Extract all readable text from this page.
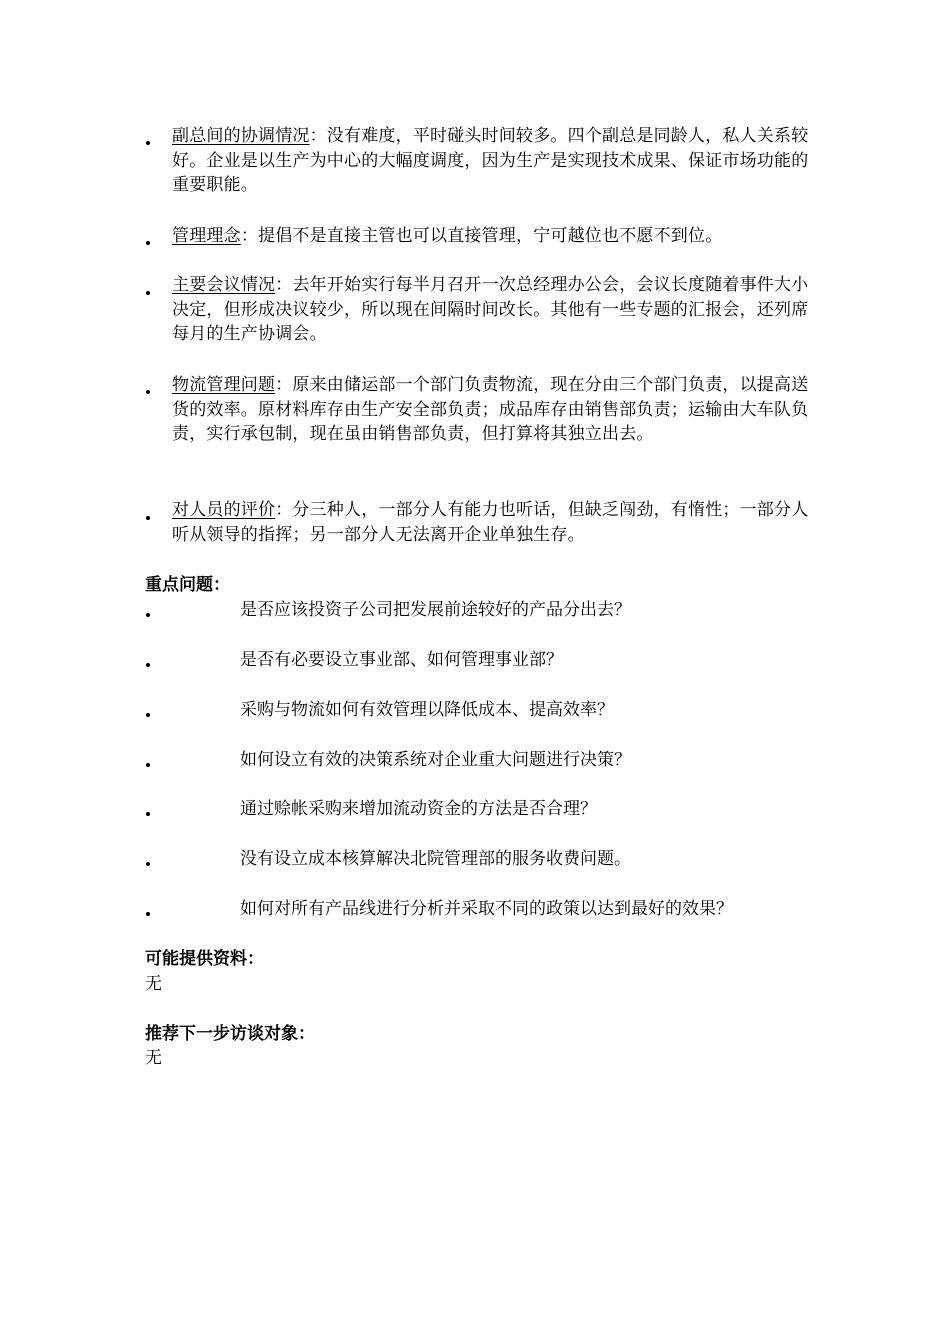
副总间的协调情况：没有难度，平时碰头时间较多。四个副总是同龄人，私人关系较好。企业是以生产为中心的大幅度调度，因为生产是实现技术成果、保证市场功能的重要职能。
管理理念：提倡不是直接主管也可以直接管理，宁可越位也不愿不到位。
主要会议情况：去年开始实行每半月召开一次总经理办公会，会议长度随着事件大小决定，但形成决议较少，所以现在间隔时间改长。其他有一些专题的汇报会，还列席每月的生产协调会。
物流管理问题：原来由储运部一个部门负责物流，现在分由三个部门负责，以提高送货的效率。原材料库存由生产安全部负责；成品库存由销售部负责；运输由大车队负责，实行承包制，现在虽由销售部负责，但打算将其独立出去。
对人员的评价：分三种人，一部分人有能力也听话，但缺乏闯劲，有惰性；一部分人听从领导的指挥；另一部分人无法离开企业单独生存。
重点问题：
是否应该投资子公司把发展前途较好的产品分出去？
是否有必要设立事业部、如何管理事业部？
采购与物流如何有效管理以降低成本、提高效率？
如何设立有效的决策系统对企业重大问题进行决策？
通过赊帐采购来增加流动资金的方法是否合理？
没有设立成本核算解决北院管理部的服务收费问题。
如何对所有产品线进行分析并采取不同的政策以达到最好的效果？
可能提供资料：
无
推荐下一步访谈对象：
无
